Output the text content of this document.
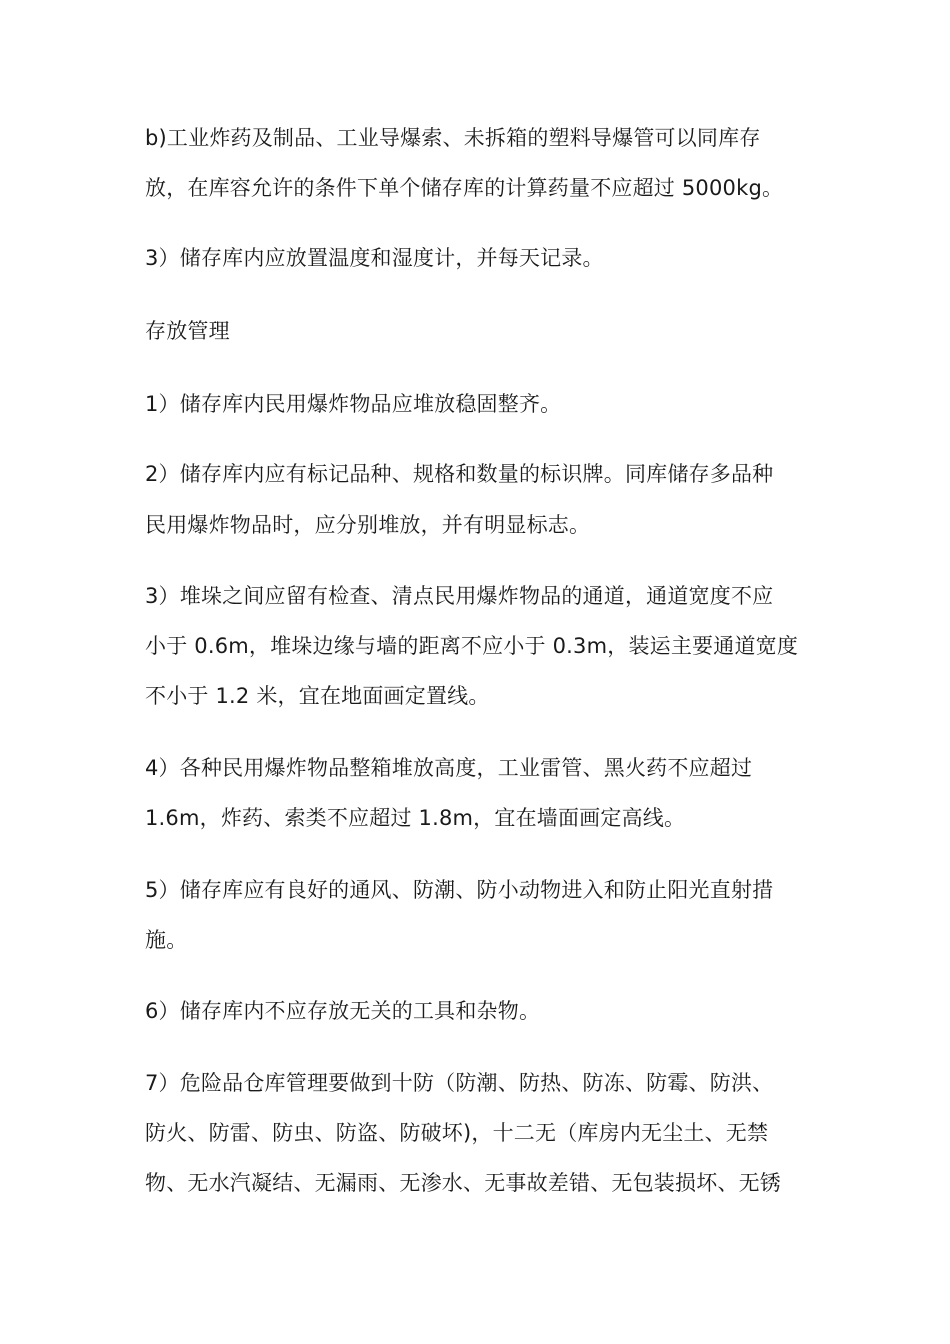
b)工业炸药及制品、工业导爆索、未拆箱的塑料导爆管可以同库存
放，在库容允许的条件下单个储存库的计算药量不应超过 5000kg。
3）储存库内应放置温度和湿度计，并每天记录。
存放管理
1）储存库内民用爆炸物品应堆放稳固整齐。
2）储存库内应有标记品种、规格和数量的标识牌。同库储存多品种
民用爆炸物品时，应分别堆放，并有明显标志。
3）堆垛之间应留有检查、清点民用爆炸物品的通道，通道宽度不应
小于 0.6m，堆垛边缘与墙的距离不应小于 0.3m，装运主要通道宽度
不小于 1.2 米，宜在地面画定置线。
4）各种民用爆炸物品整箱堆放高度，工业雷管、黑火药不应超过
1.6m，炸药、索类不应超过 1.8m，宜在墙面画定高线。
5）储存库应有良好的通风、防潮、防小动物进入和防止阳光直射措
施。
6）储存库内不应存放无关的工具和杂物。
7）危险品仓库管理要做到十防（防潮、防热、防冻、防霉、防洪、
防火、防雷、防虫、防盗、防破坏)，十二无（库房内无尘土、无禁
物、无水汽凝结、无漏雨、无渗水、无事故差错、无包装损坏、无锈
